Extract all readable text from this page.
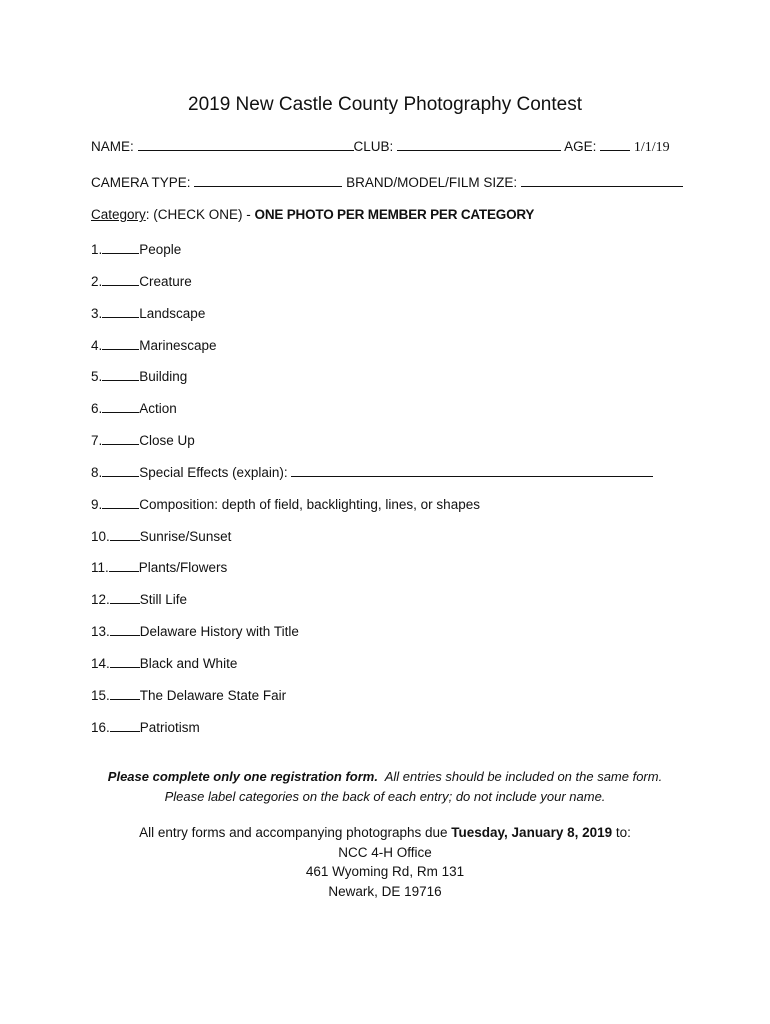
2019 New Castle County Photography Contest
NAME:	CLUB:	AGE:	1/1/19
CAMERA TYPE:	BRAND/MODEL/FILM SIZE:
Category: (CHECK ONE) - ONE PHOTO PER MEMBER PER CATEGORY
1.	People
2.	Creature
3.	Landscape
4.	Marinescape
5.	Building
6.	Action
7.	Close Up
8.	Special Effects (explain):
9.	Composition: depth of field, backlighting, lines, or shapes
10. Sunrise/Sunset
11. Plants/Flowers
12. Still Life
13. Delaware History with Title
14. Black and White
15. The Delaware State Fair
16. Patriotism
Please complete only one registration form. All entries should be included on the same form.
Please label categories on the back of each entry; do not include your name.
All entry forms and accompanying photographs due Tuesday, January 8, 2019 to:
NCC 4-H Office
461 Wyoming Rd, Rm 131
Newark, DE 19716
